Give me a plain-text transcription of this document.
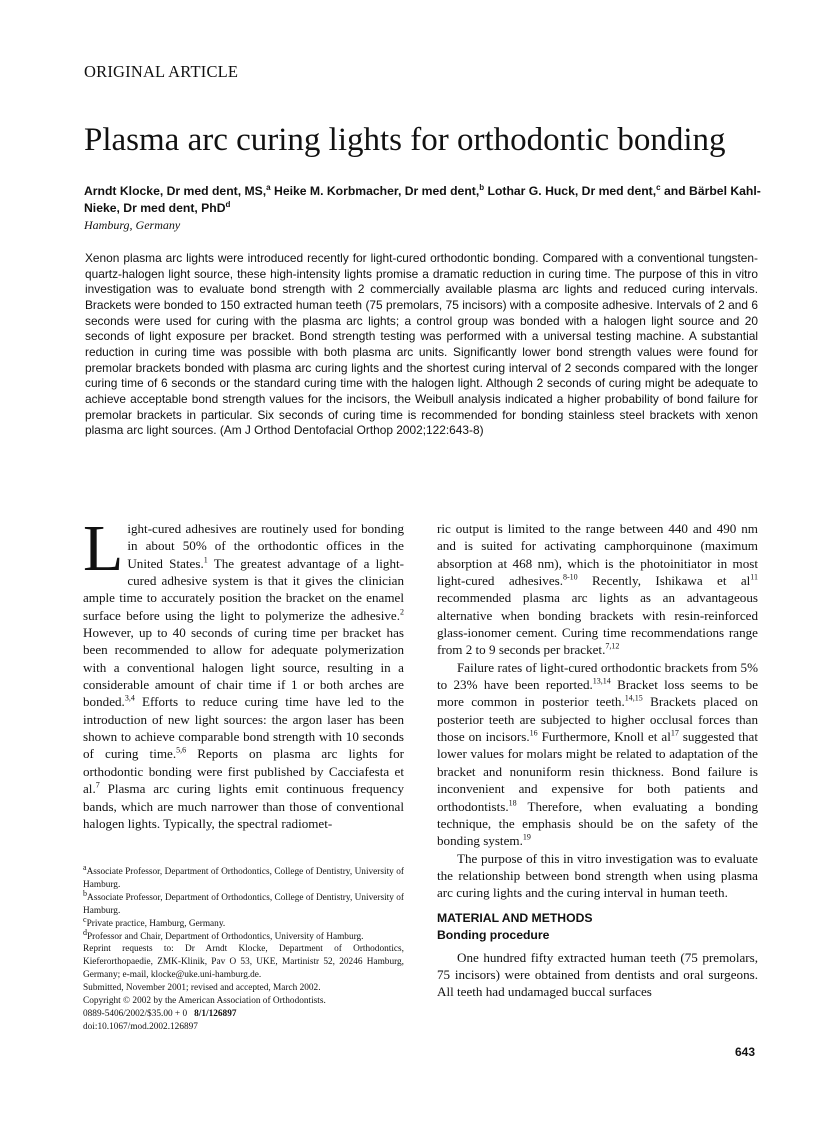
ORIGINAL ARTICLE
Plasma arc curing lights for orthodontic bonding
Arndt Klocke, Dr med dent, MS,$^a$ Heike M. Korbmacher, Dr med dent,$^b$ Lothar G. Huck, Dr med dent,$^c$ and Bärbel Kahl-Nieke, Dr med dent, PhD$^d$
Hamburg, Germany
Xenon plasma arc lights were introduced recently for light-cured orthodontic bonding. Compared with a conventional tungsten-quartz-halogen light source, these high-intensity lights promise a dramatic reduction in curing time. The purpose of this in vitro investigation was to evaluate bond strength with 2 commercially available plasma arc lights and reduced curing intervals. Brackets were bonded to 150 extracted human teeth (75 premolars, 75 incisors) with a composite adhesive. Intervals of 2 and 6 seconds were used for curing with the plasma arc lights; a control group was bonded with a halogen light source and 20 seconds of light exposure per bracket. Bond strength testing was performed with a universal testing machine. A substantial reduction in curing time was possible with both plasma arc units. Significantly lower bond strength values were found for premolar brackets bonded with plasma arc curing lights and the shortest curing interval of 2 seconds compared with the longer curing time of 6 seconds or the standard curing time with the halogen light. Although 2 seconds of curing might be adequate to achieve acceptable bond strength values for the incisors, the Weibull analysis indicated a higher probability of bond failure for premolar brackets in particular. Six seconds of curing time is recommended for bonding stainless steel brackets with xenon plasma arc light sources. (Am J Orthod Dentofacial Orthop 2002;122:643-8)

Light-cured adhesives are routinely used for bonding in about 50% of the orthodontic offices in the United States.$^1$ The greatest advantage of a light-cured adhesive system is that it gives the clinician ample time to accurately position the bracket on the enamel surface before using the light to polymerize the adhesive.$^2$ However, up to 40 seconds of curing time per bracket has been recommended to allow for adequate polymerization with a conventional halogen light source, resulting in a considerable amount of chair time if 1 or both arches are bonded.$^{3,4}$ Efforts to reduce curing time have led to the introduction of new light sources: the argon laser has been shown to achieve comparable bond strength with 10 seconds of curing time.$^{5,6}$ Reports on plasma arc lights for orthodontic bonding were first published by Cacciafesta et al.$^7$ Plasma arc curing lights emit continuous frequency bands, which are much narrower than those of conventional halogen lights. Typically, the spectral radiomet-

ric output is limited to the range between 440 and 490 nm and is suited for activating camphorquinone (maximum absorption at 468 nm), which is the photoinitiator in most light-cured adhesives.$^{8-10}$ Recently, Ishikawa et $al^{11}$ recommended plasma arc lights as an advantageous alternative when bonding brackets with resin-reinforced glass-ionomer cement. Curing time recommendations range from 2 to 9 seconds per bracket.$^{7,12}$

Failure rates of light-cured orthodontic brackets from 5% to 23% have been reported.$^{13,14}$ Bracket loss seems to be more common in posterior teeth.$^{14,15}$ Brackets placed on posterior teeth are subjected to higher occlusal forces than those on incisors.$^{16}$ Furthermore, Knoll et $al^{17}$ suggested that lower values for molars might be related to adaptation of the bracket and nonuniform resin thickness. Bond failure is inconvenient and expensive for both patients and orthodontists.$^{18}$ Therefore, when evaluating a bonding technique, the emphasis should be on the safety of the bonding system.$^{19}$

The purpose of this in vitro investigation was to evaluate the relationship between bond strength when using plasma arc curing lights and the curing interval in human teeth.

MATERIAL AND METHODS
Bonding procedure

One hundred fifty extracted human teeth (75 premolars, 75 incisors) were obtained from dentists and oral surgeons. All teeth had undamaged buccal surfaces

$^a$Associate Professor, Department of Orthodontics, College of Dentistry, University of Hamburg.
$^b$Associate Professor, Department of Orthodontics, College of Dentistry, University of Hamburg.
$^c$Private practice, Hamburg, Germany.
$^d$Professor and Chair, Department of Orthodontics, University of Hamburg.
Reprint requests to: Dr Arndt Klocke, Department of Orthodontics, Kieferorthopaedie, ZMK-Klinik, Pav O 53, UKE, Martinistr 52, 20246 Hamburg, Germany; e-mail, klocke@uke.uni-hamburg.de.
Submitted, November 2001; revised and accepted, March 2002.
Copyright © 2002 by the American Association of Orthodontists.
0889-5406/2002/$35.00 + 0 8/1/126897
doi:10.1067/mod.2002.126897
643
